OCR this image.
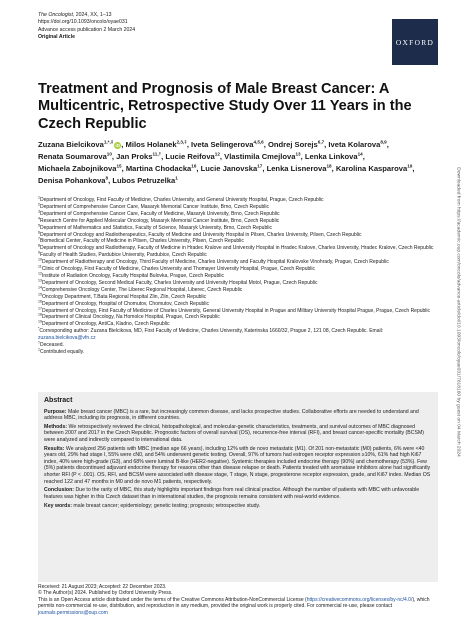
The Oncologist, 2024, XX, 1–13
https://doi.org/10.1093/oncolo/oyae031
Advance access publication 2 March 2024
Original Article
OXFORD
Treatment and Prognosis of Male Breast Cancer: A Multicentric, Retrospective Study Over 11 Years in the Czech Republic
Zuzana Bielcikova$^{1,*,\ddagger}$iD, Milos Holanek$^{2,3,\ddagger}$, Iveta Selingerova$^{4,5,6}$, Ondrej Sorejs$^{6,7}$, Iveta Kolarova$^{8,9}$, Renata Soumarova$^{10}$, Jan Proks$^{11,\dagger}$, Lucie Reifova$^{12}$, Vlastimila Cmejlova$^{13}$, Lenka Linkova$^{14}$, Michaela Zabojnikova$^{15}$, Martina Chodacka$^{16}$, Lucie Janovska$^{17}$, Lenka Lisnerova$^{18}$, Karolina Kasparova$^{19}$, Denisa Pohankova$^8$, Lubos Petruzelka$^1$
$^1$Department of Oncology, First Faculty of Medicine, Charles University, and General University Hospital, Prague, Czech Republic
$^2$Department of Comprehensive Cancer Care, Masaryk Memorial Cancer Institute, Brno, Czech Republic
$^3$Department of Comprehensive Cancer Care, Faculty of Medicine, Masaryk University, Brno, Czech Republic
$^4$Research Centre for Applied Molecular Oncology, Masaryk Memorial Cancer Institute, Brno, Czech Republic
$^5$Department of Mathematics and Statistics, Faculty of Science, Masaryk University, Brno, Czech Republic
$^6$Department of Oncology and Radiotherapeutics, Faculty of Medicine and University Hospital in Pilsen, Charles University, Pilsen, Czech Republic
$^7$Biomedical Center, Faculty of Medicine in Pilsen, Charles University, Pilsen, Czech Republic
$^8$Department of Oncology and Radiotherapy, Faculty of Medicine in Hradec Kralove and University Hospital in Hradec Kralove, Charles University, Hradec Kralove, Czech Republic
$^9$Faculty of Health Studies, Pardubice University, Pardubice, Czech Republic
$^{10}$Department of Radiotherapy and Oncology, Third Faculty of Medicine, Charles University and Faculty Hospital Kralovske Vinohrady, Prague, Czech Republic
$^{11}$Clinic of Oncology, First Faculty of Medicine, Charles University and Thomayer University Hospital, Prague, Czech Republic
$^{12}$Institute of Radiation Oncology, Faculty Hospital Bulovka, Prague, Czech Republic
$^{13}$Department of Oncology, Second Medical Faculty, Charles University and University Hospital Motol, Prague, Czech Republic
$^{14}$Comprehensive Oncology Center, The Liberec Regional Hospital, Liberec, Czech Republic
$^{15}$Oncology Department, T.Bata Regional Hospital Zlin, Zlin, Czech Republic
$^{16}$Department of Oncology, Hospital of Chomutov, Chomutov, Czech Republic
$^{17}$Department of Oncology, First Faculty of Medicine of Charles University, General University Hospital in Prague and Military University Hospital Prague, Prague, Czech Republic
$^{18}$Department of Clinical Oncology, Na Homolce Hospital, Prague, Czech Republic
$^{19}$Department of Oncology, AntiCa, Kladno, Czech Republic
*Corresponding author: Zuzana Bielcikova, MD, First Faculty of Medicine, Charles University, Katerinska 1660/32, Prague 2, 121 08, Czech Republic. Email: zuzana.bielcikova@vfn.cz
†Deceased.
‡Contributed equally.
Abstract
Purpose: Male breast cancer (MBC) is a rare, but increasingly common disease, and lacks prospective studies. Collaborative efforts are needed to understand and address MBC, including its prognosis, in different countries.
Methods: We retrospectively reviewed the clinical, histopathological, and molecular-genetic characteristics, treatments, and survival outcomes of MBC diagnosed between 2007 and 2017 in the Czech Republic. Prognostic factors of overall survival (OS), recurrence-free interval (RFI), and breast cancer-specific mortality (BCSM) were analyzed and indirectly compared to international data.
Results: We analyzed 256 patients with MBC (median age 66 years), including 12% with de novo metastatic (M1). Of 201 non-metastatic (M0) patients, 6% were <40 years old, 29% had stage I, 55% were cN0, and 54% underwent genetic testing. Overall, 97% of tumors had estrogen receptor expression ≥10%, 61% had high Ki67 index, 40% were high-grade (G3), and 68% were luminal B-like (HER2-negative). Systemic therapies included endocrine therapy (90%) and chemotherapy (53%). Few (5%) patients discontinued adjuvant endocrine therapy for reasons other than disease relapse or death. Patients treated with aromatase inhibitors alone had significantly shorter RFI (P < .001). OS, RFI, and BCSM were associated with disease stage, T stage, N stage, progesterone receptor expression, grade, and Ki67 index. Median OS reached 122 and 47 months in M0 and de novo M1 patients, respectively.
Conclusion: Due to the rarity of MBC, this study highlights important findings from real clinical practice. Although the number of patients with MBC with unfavorable features was higher in this Czech dataset than in international studies, the prognosis remains consistent with real-world evidence.
Key words: male breast cancer; epidemiology; genetic testing; prognosis; retrospective study.
Received: 21 August 2023; Accepted: 22 December 2023.
© The Author(s) 2024. Published by Oxford University Press.
This is an Open Access article distributed under the terms of the Creative Commons Attribution-NonCommercial License (https://creativecommons.org/licenses/by-nc/4.0/), which permits non-commercial re-use, distribution, and reproduction in any medium, provided the original work is properly cited. For commercial re-use, please contact journals.permissions@oup.com
Downloaded from https://academic.oup.com/oncolo/advance-article/doi/10.1093/oncolo/oyae031/7618160 by guest on 04 March 2024
